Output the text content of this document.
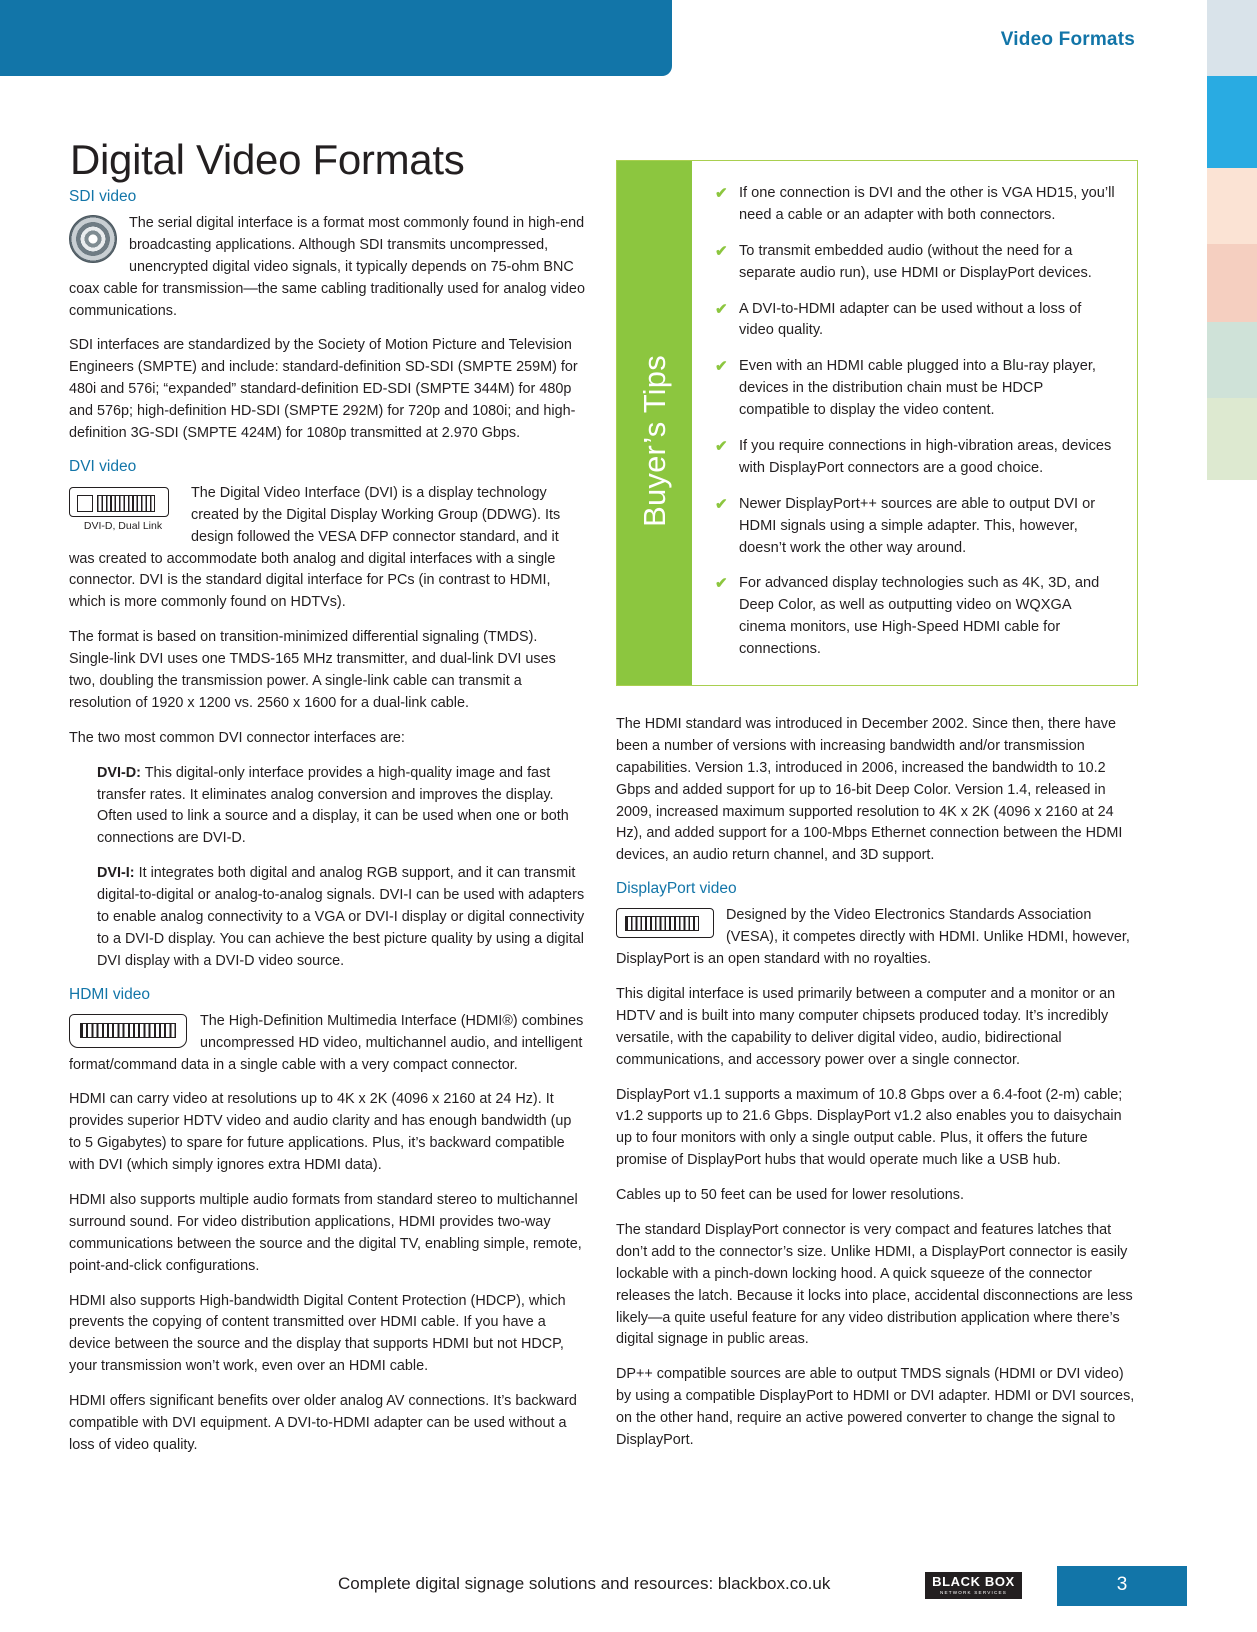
Video Formats
Digital Video Formats
SDI video

The serial digital interface is a format most commonly found in high-end broadcasting applications. Although SDI transmits uncompressed, unencrypted digital video signals, it typically depends on 75-ohm BNC coax cable for transmission—the same cabling traditionally used for analog video communications.

SDI interfaces are standardized by the Society of Motion Picture and Television Engineers (SMPTE) and include: standard-definition SD-SDI (SMPTE 259M) for 480i and 576i; “expanded” standard-definition ED-SDI (SMPTE 344M) for 480p and 576p; high-definition HD-SDI (SMPTE 292M) for 720p and 1080i; and high-definition 3G-SDI (SMPTE 424M) for 1080p transmitted at 2.970 Gbps.

DVI video
DVI-D, Dual Link

The Digital Video Interface (DVI) is a display technology created by the Digital Display Working Group (DDWG). Its design followed the VESA DFP connector standard, and it was created to accommodate both analog and digital interfaces with a single connector. DVI is the standard digital interface for PCs (in contrast to HDMI, which is more commonly found on HDTVs).

The format is based on transition-minimized differential signaling (TMDS). Single-link DVI uses one TMDS-165 MHz transmitter, and dual-link DVI uses two, doubling the transmission power. A single-link cable can transmit a resolution of 1920 x 1200 vs. 2560 x 1600 for a dual-link cable.

The two most common DVI connector interfaces are:

DVI-D: This digital-only interface provides a high-quality image and fast transfer rates. It eliminates analog conversion and improves the display. Often used to link a source and a display, it can be used when one or both connections are DVI-D.

DVI-I: It integrates both digital and analog RGB support, and it can transmit digital-to-digital or analog-to-analog signals. DVI-I can be used with adapters to enable analog connectivity to a VGA or DVI-I display or digital connectivity to a DVI-D display. You can achieve the best picture quality by using a digital DVI display with a DVI-D video source.

HDMI video

The High-Definition Multimedia Interface (HDMI®) combines uncompressed HD video, multichannel audio, and intelligent format/command data in a single cable with a very compact connector.

HDMI can carry video at resolutions up to 4K x 2K (4096 x 2160 at 24 Hz). It provides superior HDTV video and audio clarity and has enough bandwidth (up to 5 Gigabytes) to spare for future applications. Plus, it’s backward compatible with DVI (which simply ignores extra HDMI data).

HDMI also supports multiple audio formats from standard stereo to multichannel surround sound. For video distribution applications, HDMI provides two-way communications between the source and the digital TV, enabling simple, remote, point-and-click configurations.

HDMI also supports High-bandwidth Digital Content Protection (HDCP), which prevents the copying of content transmitted over HDMI cable. If you have a device between the source and the display that supports HDMI but not HDCP, your transmission won’t work, even over an HDMI cable.

HDMI offers significant benefits over older analog AV connections. It’s backward compatible with DVI equipment. A DVI-to-HDMI adapter can be used without a loss of video quality.

Buyer’s Tips
✔ If one connection is DVI and the other is VGA HD15, you’ll need a cable or an adapter with both connectors.
✔ To transmit embedded audio (without the need for a separate audio run), use HDMI or DisplayPort devices.
✔ A DVI-to-HDMI adapter can be used without a loss of video quality.
✔ Even with an HDMI cable plugged into a Blu-ray player, devices in the distribution chain must be HDCP compatible to display the video content.
✔ If you require connections in high-vibration areas, devices with DisplayPort connectors are a good choice.
✔ Newer DisplayPort++ sources are able to output DVI or HDMI signals using a simple adapter. This, however, doesn’t work the other way around.
✔ For advanced display technologies such as 4K, 3D, and Deep Color, as well as outputting video on WQXGA cinema monitors, use High-Speed HDMI cable for connections.

The HDMI standard was introduced in December 2002. Since then, there have been a number of versions with increasing bandwidth and/or transmission capabilities. Version 1.3, introduced in 2006, increased the bandwidth to 10.2 Gbps and added support for up to 16-bit Deep Color. Version 1.4, released in 2009, increased maximum supported resolution to 4K x 2K (4096 x 2160 at 24 Hz), and added support for a 100-Mbps Ethernet connection between the HDMI devices, an audio return channel, and 3D support.

DisplayPort video

Designed by the Video Electronics Standards Association (VESA), it competes directly with HDMI. Unlike HDMI, however, DisplayPort is an open standard with no royalties.

This digital interface is used primarily between a computer and a monitor or an HDTV and is built into many computer chipsets produced today. It’s incredibly versatile, with the capability to deliver digital video, audio, bidirectional communications, and accessory power over a single connector.

DisplayPort v1.1 supports a maximum of 10.8 Gbps over a 6.4-foot (2-m) cable; v1.2 supports up to 21.6 Gbps. DisplayPort v1.2 also enables you to daisychain up to four monitors with only a single output cable. Plus, it offers the future promise of DisplayPort hubs that would operate much like a USB hub.

Cables up to 50 feet can be used for lower resolutions.

The standard DisplayPort connector is very compact and features latches that don’t add to the connector’s size. Unlike HDMI, a DisplayPort connector is easily lockable with a pinch-down locking hood. A quick squeeze of the connector releases the latch. Because it locks into place, accidental disconnections are less likely—a quite useful feature for any video distribution application where there’s digital signage in public areas.

DP++ compatible sources are able to output TMDS signals (HDMI or DVI video) by using a compatible DisplayPort to HDMI or DVI adapter. HDMI or DVI sources, on the other hand, require an active powered converter to change the signal to DisplayPort.

Complete digital signage solutions and resources: blackbox.co.uk	BLACK BOX
NETWORK SERVICES	3
